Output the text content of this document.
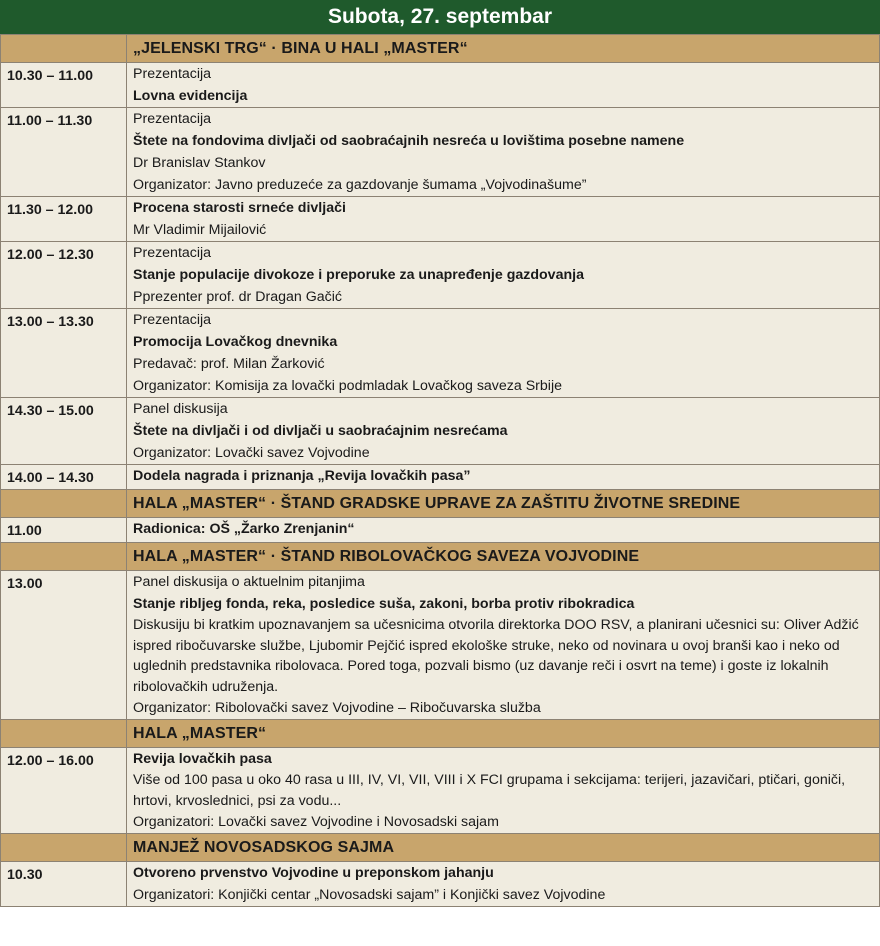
Subota, 27. septembar
	„JELENSKI TRG“ · BINA U HALI „MASTER“

10.30 – 11.00	Prezentacija
Lovna evidencija

11.00 – 11.30	Prezentacija
Štete na fondovima divljači od saobraćajnih nesreća u lovištima posebne namene
Dr Branislav Stankov
Organizator: Javno preduzeće za gazdovanje šumama „Vojvodinašume”

11.30 – 12.00	Procena starosti srneće divljači
Mr Vladimir Mijailović

12.00 – 12.30	Prezentacija
Stanje populacije divokoze i preporuke za unapređenje gazdovanja
Pprezenter prof. dr Dragan Gačić

13.00 – 13.30	Prezentacija
Promocija Lovačkog dnevnika
Predavač: prof. Milan Žarković
Organizator: Komisija za lovački podmladak Lovačkog saveza Srbije

14.30 – 15.00	Panel diskusija
Štete na divljači i od divljači u saobraćajnim nesrećama
Organizator: Lovački savez Vojvodine

14.00 – 14.30	Dodela nagrada i priznanja „Revija lovačkih pasa”

	HALA „MASTER“ · ŠTAND GRADSKE UPRAVE ZA ZAŠTITU ŽIVOTNE SREDINE

11.00	Radionica: OŠ „Žarko Zrenjanin“

	HALA „MASTER“ · ŠTAND RIBOLOVAČKOG SAVEZA VOJVODINE

13.00	Panel diskusija o aktuelnim pitanjima
Stanje ribljeg fonda, reka, posledice suša, zakoni, borba protiv ribokradica
Diskusiju bi kratkim upoznavanjem sa učesnicima otvorila direktorka DOO RSV, a planirani učesnici su: Oliver Adžić ispred ribočuvarske službe, Ljubomir Pejčić ispred ekološke struke, neko od novinara u ovoj branši kao i neko od uglednih predstavnika ribolovaca. Pored toga, pozvali bismo (uz davanje reči i osvrt na teme) i goste iz lokalnih ribolovačkih udruženja.
Organizator: Ribolovački savez Vojvodine – Ribočuvarska služba

	HALA „MASTER“

12.00 – 16.00	Revija lovačkih pasa
Više od 100 pasa u oko 40 rasa u III, IV, VI, VII, VIII i X FCI grupama i sekcijama: terijeri, jazavičari, ptičari, goniči, hrtovi, krvoslednici, psi za vodu...
Organizatori: Lovački savez Vojvodine i Novosadski sajam

	MANJEŽ NOVOSADSKOG SAJMA

10.30	Otvoreno prvenstvo Vojvodine u preponskom jahanju
Organizatori: Konjički centar „Novosadski sajam” i Konjički savez Vojvodine
